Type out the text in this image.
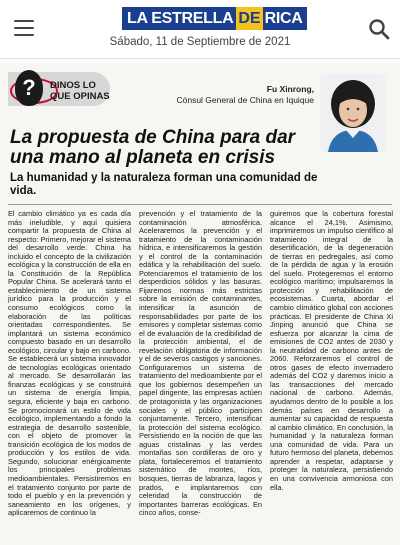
LA ESTRELLA DE RICA
Sábado, 11 de Septiembre de 2021
?	DINOS LO
QUE OPINAS
Fu Xinrong,
Cónsul General de China en Iquique
La propuesta de China para dar una mano al planeta en crisis
La humanidad y la naturaleza forman una comunidad de vida.

El cambio climático ya es cada día más ineludible, y aquí quisiera compartir la propuesta de China al respecto: Primero, mejorar el sistema del desarrollo verde. China ha incluido el concepto de la civilización ecológica y la construcción de ella en la Constitución de la República Popular China. Se acelerará tanto el establecimiento de un sistema jurídico para la producción y el consumo ecológicos como la elaboración de las políticas orientadas correspondientes. Se implantará un sistema económico compuesto basado en un desarrollo ecológico, circular y bajo en carbono. Se establecerá un sistema innovador de tecnologías ecológicas orientado al mercado. Se desarrollarán las finanzas ecológicas y se construirá un sistema de energía limpia, segura, eficiente y baja en carbono. Se promocionará un estilo de vida ecológico, implementando a fondo la estrategia de desarrollo sostenible, con el objeto de promover la transición ecológica de los modos de producción y los estilos de vida. Segundo, solucionar enérgicamente los principales problemas medioambientales. Persistiremos en el tratamiento conjunto por parte de todo el pueblo y en la prevención y saneamiento en los orígenes, y aplicaremos de continuo la

prevención y el tratamiento de la contaminación atmosférica. Aceleraremos la prevención y el tratamiento de la contaminación hídrica, e intensificaremos la gestión y el control de la contaminación edáfica y la rehabilitación del suelo. Potenciaremos el tratamiento de los desperdicios sólidos y las basuras. Fijaremos normas más estrictas sobre la emisión de contaminantes, intensificar la asunción de responsabilidades por parte de los emisores y completar sistemas como el de evaluación de la credibilidad de la protección ambiental, el de revelación obligatoria de información y el de severos castigos y sanciones. Configuraremos un sistema de tratamiento del medioambiente por el que los gobiernos desempeñen un papel dirigente, las empresas actúen de protagonista y las organizaciones sociales y el público participen conjuntamente. Tercero, intensificar la protección del sistema ecológico. Persistiendo en la noción de que las aguas cristalinas y las verdes montañas son cordilleras de oro y plata, fortaleceremos el tratamiento sistemático de montes, ríos, bosques, tierras de labranza, lagos y prados, e implantaremos con celeridad la construcción de importantes barreras ecológicas. En cinco años, conse-

guiremos que la cobertura forestal alcance el 24,1%. Asimismo, imprimiremos un impulso científico al tratamiento integral de la desertificación, de la degeneración de tierras en pedregales, así como de la pérdida de agua y la erosión del suelo. Protegeremos el entorno ecológico marítimo; impulsaremos la protección y rehabilitación de ecosistemas. Cuarta, abordar el cambio climático global con acciones prácticas. El presidente de China Xi Jinping anunció que China se esfuerza por alcanzar la cima de emisiones de CO2 antes de 2030 y la neutralidad de carbono antes de 2060. Reforzaremos el control de otros gases de efecto invernadero además del CO2 y daremos inicio a las transacciones del mercado nacional de carbono. Además, ayudamos dentro de lo posible a los demás países en desarrollo a aumentar su capacidad de respuesta al cambio climático. En conclusión, la humanidad y la naturaleza forman una comunidad de vida. Para un futuro hermoso del planeta, debemos aprender a respetar, adaptarse y proteger la naturaleza, persistiendo en una convivencia armoniosa con ella.
